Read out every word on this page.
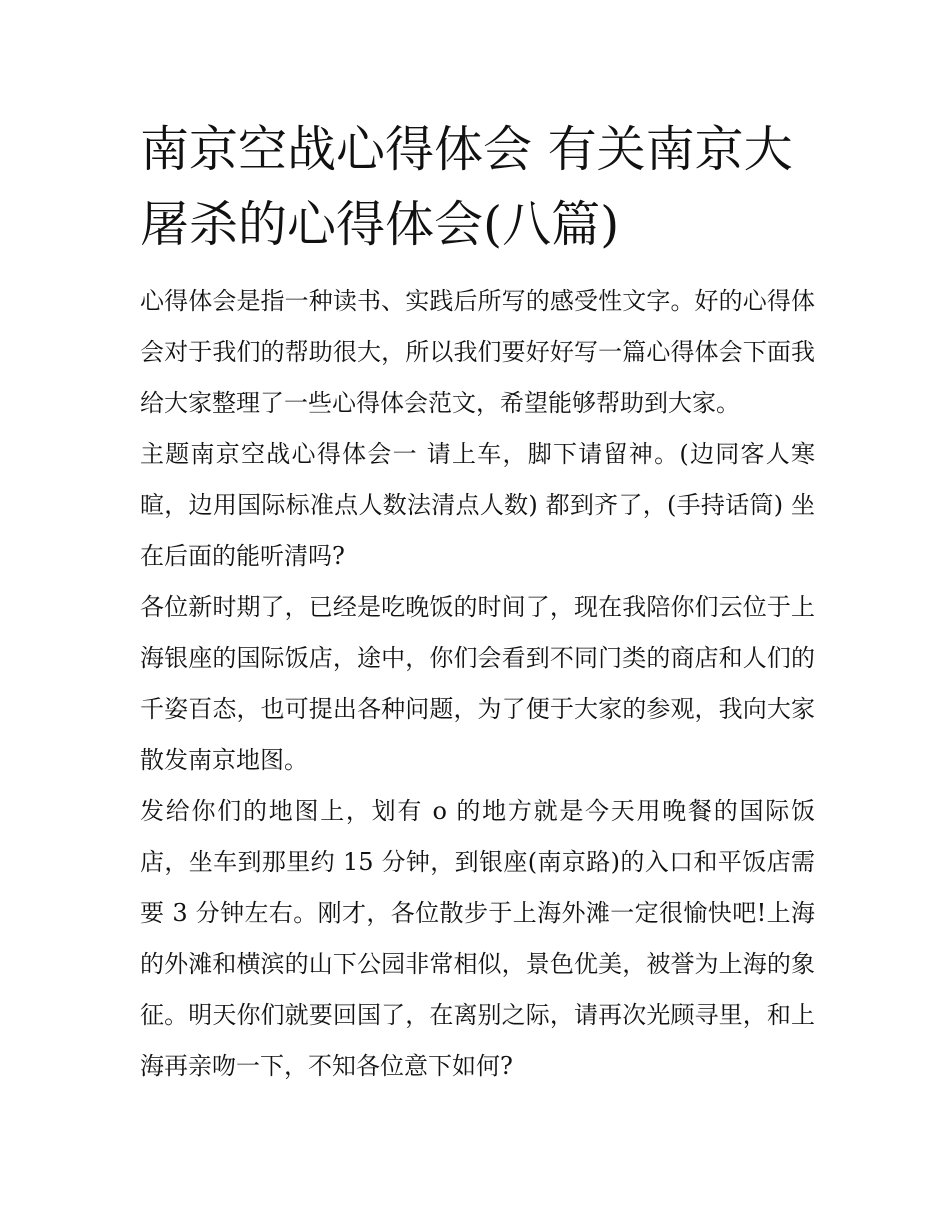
南京空战心得体会 有关南京大屠杀的心得体会(八篇)

心得体会是指一种读书、实践后所写的感受性文字。好的心得体会对于我们的帮助很大，所以我们要好好写一篇心得体会下面我给大家整理了一些心得体会范文，希望能够帮助到大家。

主题南京空战心得体会一 请上车，脚下请留神。(边同客人寒暄，边用国际标准点人数法清点人数) 都到齐了，(手持话筒) 坐在后面的能听清吗?

各位新时期了，已经是吃晚饭的时间了，现在我陪你们云位于上海银座的国际饭店，途中，你们会看到不同门类的商店和人们的千姿百态，也可提出各种问题，为了便于大家的参观，我向大家散发南京地图。

发给你们的地图上，划有 o 的地方就是今天用晚餐的国际饭店，坐车到那里约 15 分钟，到银座(南京路)的入口和平饭店需要 3 分钟左右。刚才，各位散步于上海外滩一定很愉快吧!上海的外滩和横滨的山下公园非常相似，景色优美，被誉为上海的象征。明天你们就要回国了，在离别之际，请再次光顾寻里，和上海再亲吻一下，不知各位意下如何?
